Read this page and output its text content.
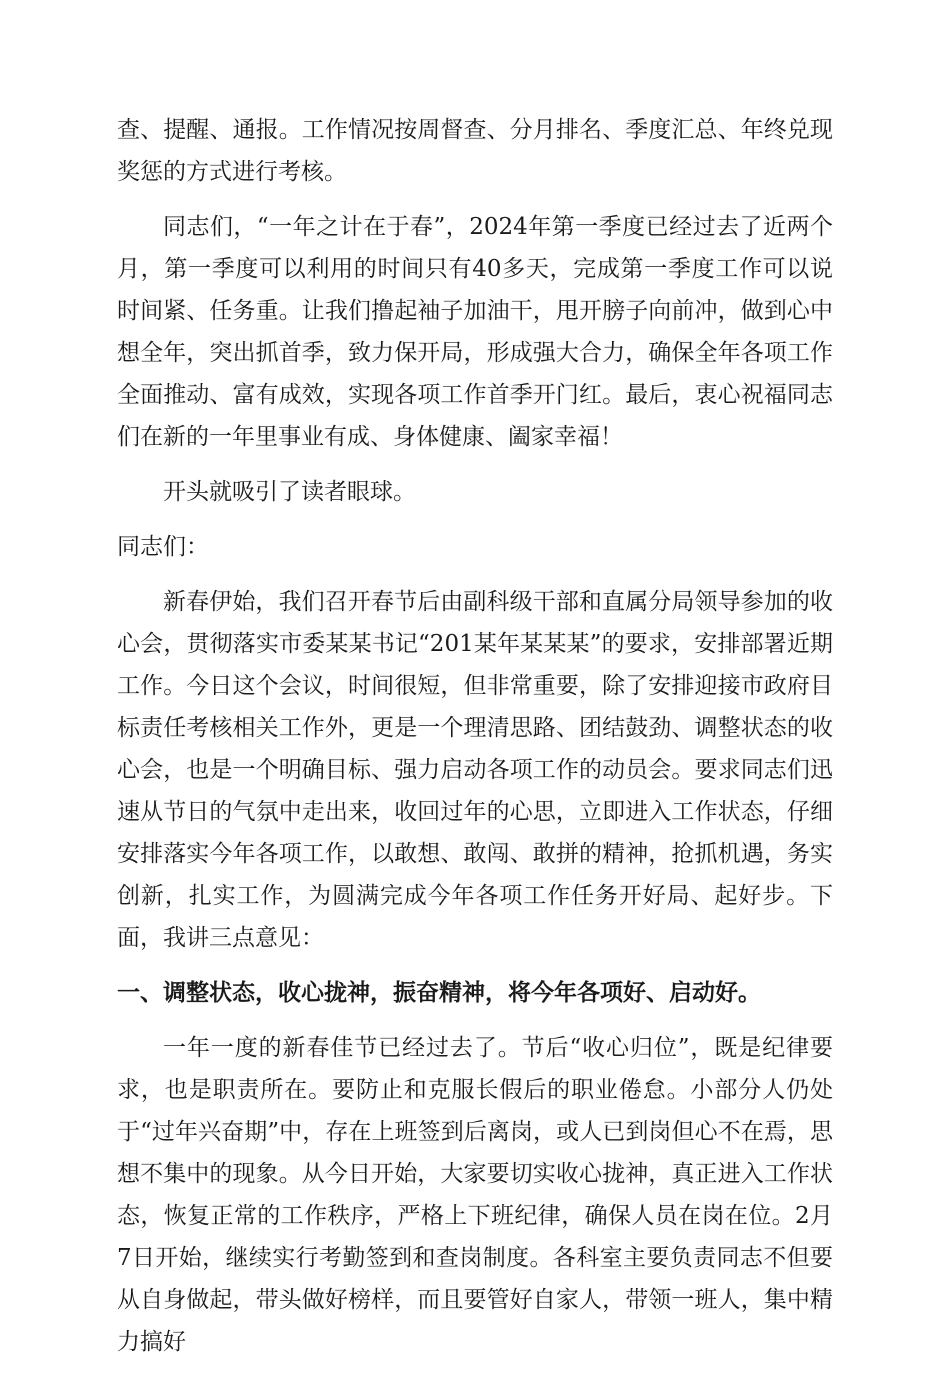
查、提醒、通报。工作情况按周督查、分月排名、季度汇总、年终兑现奖惩的方式进行考核。

同志们，“一年之计在于春”，2024年第一季度已经过去了近两个月，第一季度可以利用的时间只有40多天，完成第一季度工作可以说时间紧、任务重。让我们撸起袖子加油干，甩开膀子向前冲，做到心中想全年，突出抓首季，致力保开局，形成强大合力，确保全年各项工作全面推动、富有成效，实现各项工作首季开门红。最后，衷心祝福同志们在新的一年里事业有成、身体健康、阖家幸福！

开头就吸引了读者眼球。

同志们：

新春伊始，我们召开春节后由副科级干部和直属分局领导参加的收心会，贯彻落实市委某某书记“201某年某某某”的要求，安排部署近期工作。今日这个会议，时间很短，但非常重要，除了安排迎接市政府目标责任考核相关工作外，更是一个理清思路、团结鼓劲、调整状态的收心会，也是一个明确目标、强力启动各项工作的动员会。要求同志们迅速从节日的气氛中走出来，收回过年的心思，立即进入工作状态，仔细安排落实今年各项工作，以敢想、敢闯、敢拼的精神，抢抓机遇，务实创新，扎实工作，为圆满完成今年各项工作任务开好局、起好步。下面，我讲三点意见：

一、调整状态，收心拢神，振奋精神，将今年各项好、启动好。

一年一度的新春佳节已经过去了。节后“收心归位”，既是纪律要求，也是职责所在。要防止和克服长假后的职业倦怠。小部分人仍处于“过年兴奋期”中，存在上班签到后离岗，或人已到岗但心不在焉，思想不集中的现象。从今日开始，大家要切实收心拢神，真正进入工作状态，恢复正常的工作秩序，严格上下班纪律，确保人员在岗在位。2月7日开始，继续实行考勤签到和查岗制度。各科室主要负责同志不但要从自身做起，带头做好榜样，而且要管好自家人，带领一班人，集中精力搞好
